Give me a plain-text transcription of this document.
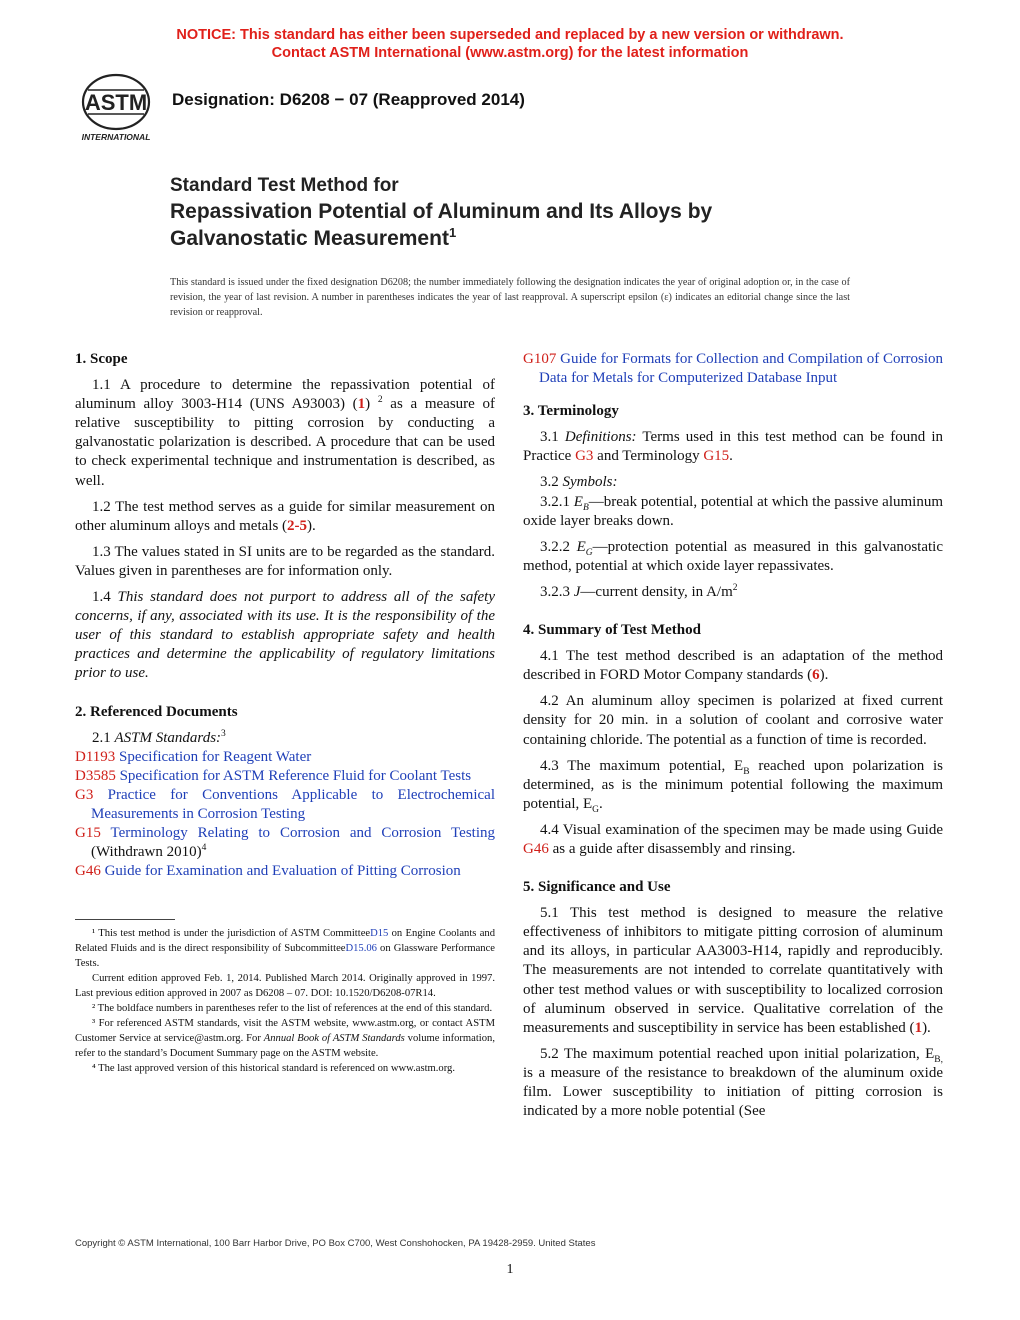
NOTICE: This standard has either been superseded and replaced by a new version or withdrawn.
Contact ASTM International (www.astm.org) for the latest information
ASTM
INTERNATIONAL
Designation: D6208 − 07 (Reapproved 2014)
Standard Test Method for
Repassivation Potential of Aluminum and Its Alloys by
Galvanostatic Measurement$^1$
This standard is issued under the fixed designation D6208; the number immediately following the designation indicates the year of original adoption or, in the case of revision, the year of last revision. A number in parentheses indicates the year of last reapproval. A superscript epsilon (ε) indicates an editorial change since the last revision or reapproval.
1. Scope

1.1 A procedure to determine the repassivation potential of aluminum alloy 3003-H14 (UNS A93003) (1) $^2$ as a measure of relative susceptibility to pitting corrosion by conducting a galvanostatic polarization is described. A procedure that can be used to check experimental technique and instrumentation is described, as well.

1.2 The test method serves as a guide for similar measurement on other aluminum alloys and metals (2-5).

1.3 The values stated in SI units are to be regarded as the standard. Values given in parentheses are for information only.

1.4 This standard does not purport to address all of the safety concerns, if any, associated with its use. It is the responsibility of the user of this standard to establish appropriate safety and health practices and determine the applicability of regulatory limitations prior to use.

2. Referenced Documents

2.1 ASTM Standards:$^3$

D1193 Specification for Reagent Water
D3585 Specification for ASTM Reference Fluid for Coolant Tests
G3 Practice for Conventions Applicable to Electrochemical Measurements in Corrosion Testing
G15 Terminology Relating to Corrosion and Corrosion Testing (Withdrawn 2010)$^4$
G46 Guide for Examination and Evaluation of Pitting Corrosion

¹ This test method is under the jurisdiction of ASTM CommitteeD15 on Engine Coolants and Related Fluids and is the direct responsibility of SubcommitteeD15.06 on Glassware Performance Tests.

Current edition approved Feb. 1, 2014. Published March 2014. Originally approved in 1997. Last previous edition approved in 2007 as D6208 – 07. DOI: 10.1520/D6208-07R14.

² The boldface numbers in parentheses refer to the list of references at the end of this standard.

³ For referenced ASTM standards, visit the ASTM website, www.astm.org, or contact ASTM Customer Service at service@astm.org. For Annual Book of ASTM Standards volume information, refer to the standard’s Document Summary page on the ASTM website.

⁴ The last approved version of this historical standard is referenced on www.astm.org.

G107 Guide for Formats for Collection and Compilation of Corrosion Data for Metals for Computerized Database Input
3. Terminology

3.1 Definitions: Terms used in this test method can be found in Practice G3 and Terminology G15.

3.2 Symbols:

3.2.1 $E_B—break$ potential, potential at which the passive aluminum oxide layer breaks down.

3.2.2 $E_G—protection$ potential as measured in this galvanostatic method, potential at which oxide layer repassivates.

3.2.3 J—current density, in $A/m^2$

4. Summary of Test Method

4.1 The test method described is an adaptation of the method described in FORD Motor Company standards (6).

4.2 An aluminum alloy specimen is polarized at fixed current density for 20 min. in a solution of coolant and corrosive water containing chloride. The potential as a function of time is recorded.

4.3 The maximum potential, $E_B$ reached upon polarization is determined, as is the minimum potential following the maximum potential, $E_G$.

4.4 Visual examination of the specimen may be made using Guide G46 as a guide after disassembly and rinsing.

5. Significance and Use

5.1 This test method is designed to measure the relative effectiveness of inhibitors to mitigate pitting corrosion of aluminum and its alloys, in particular AA3003-H14, rapidly and reproducibly. The measurements are not intended to correlate quantitatively with other test method values or with susceptibility to localized corrosion of aluminum observed in service. Qualitative correlation of the measurements and susceptibility in service has been established (1).

5.2 The maximum potential reached upon initial polarization, $E_{B,}$ is a measure of the resistance to breakdown of the aluminum oxide film. Lower susceptibility to initiation of pitting corrosion is indicated by a more noble potential (See

Copyright © ASTM International, 100 Barr Harbor Drive, PO Box C700, West Conshohocken, PA 19428-2959. United States
1
